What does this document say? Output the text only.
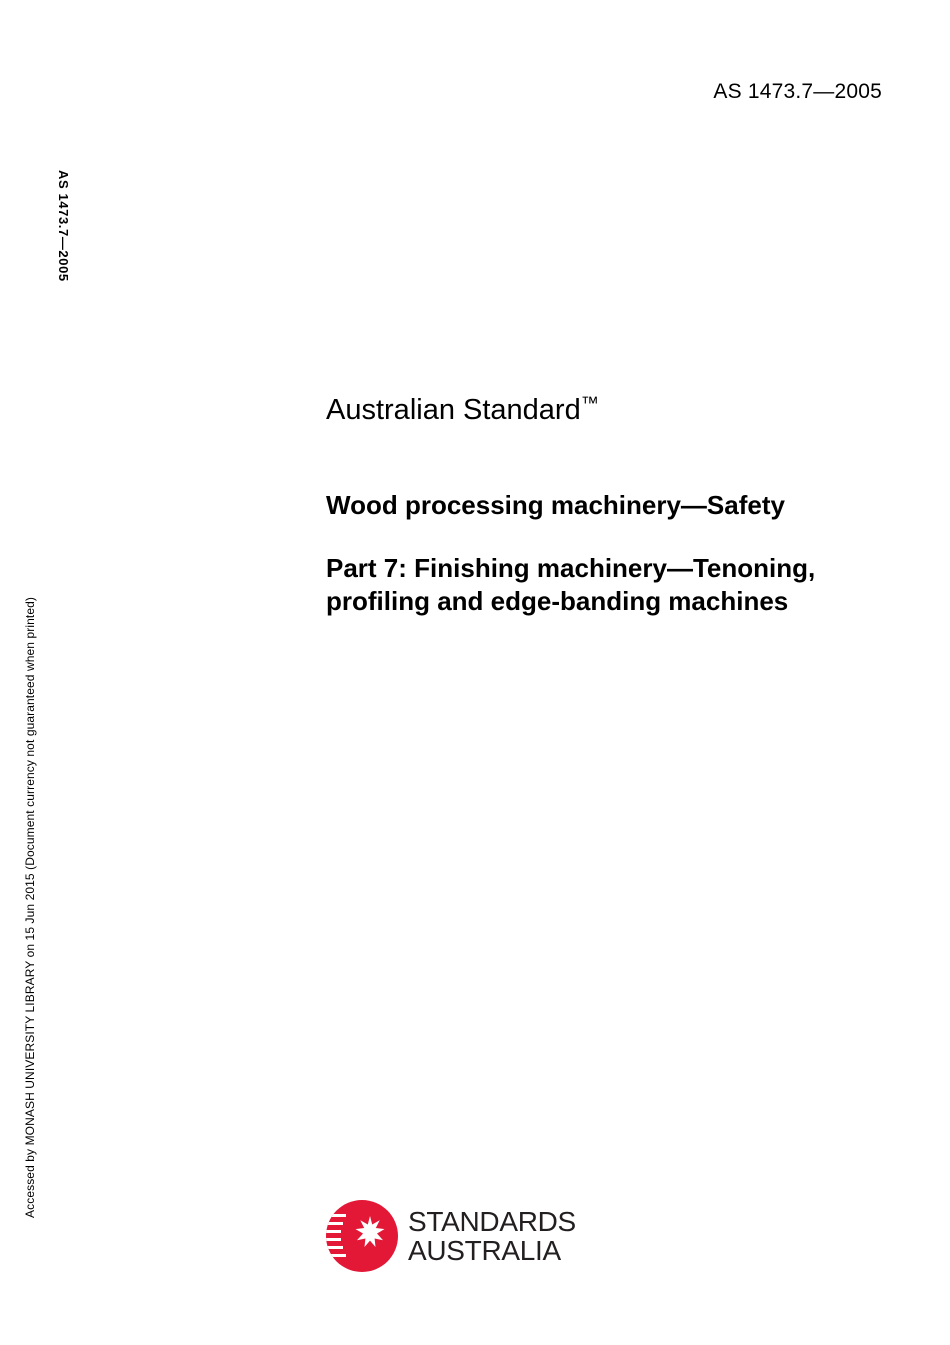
AS 1473.7—2005
AS 1473.7—2005
Accessed by MONASH UNIVERSITY LIBRARY on 15 Jun 2015 (Document currency not guaranteed when printed)
Australian Standard™
Wood processing machinery—Safety
Part 7: Finishing machinery—Tenoning,
profiling and edge-banding machines
STANDARDS
AUSTRALIA
